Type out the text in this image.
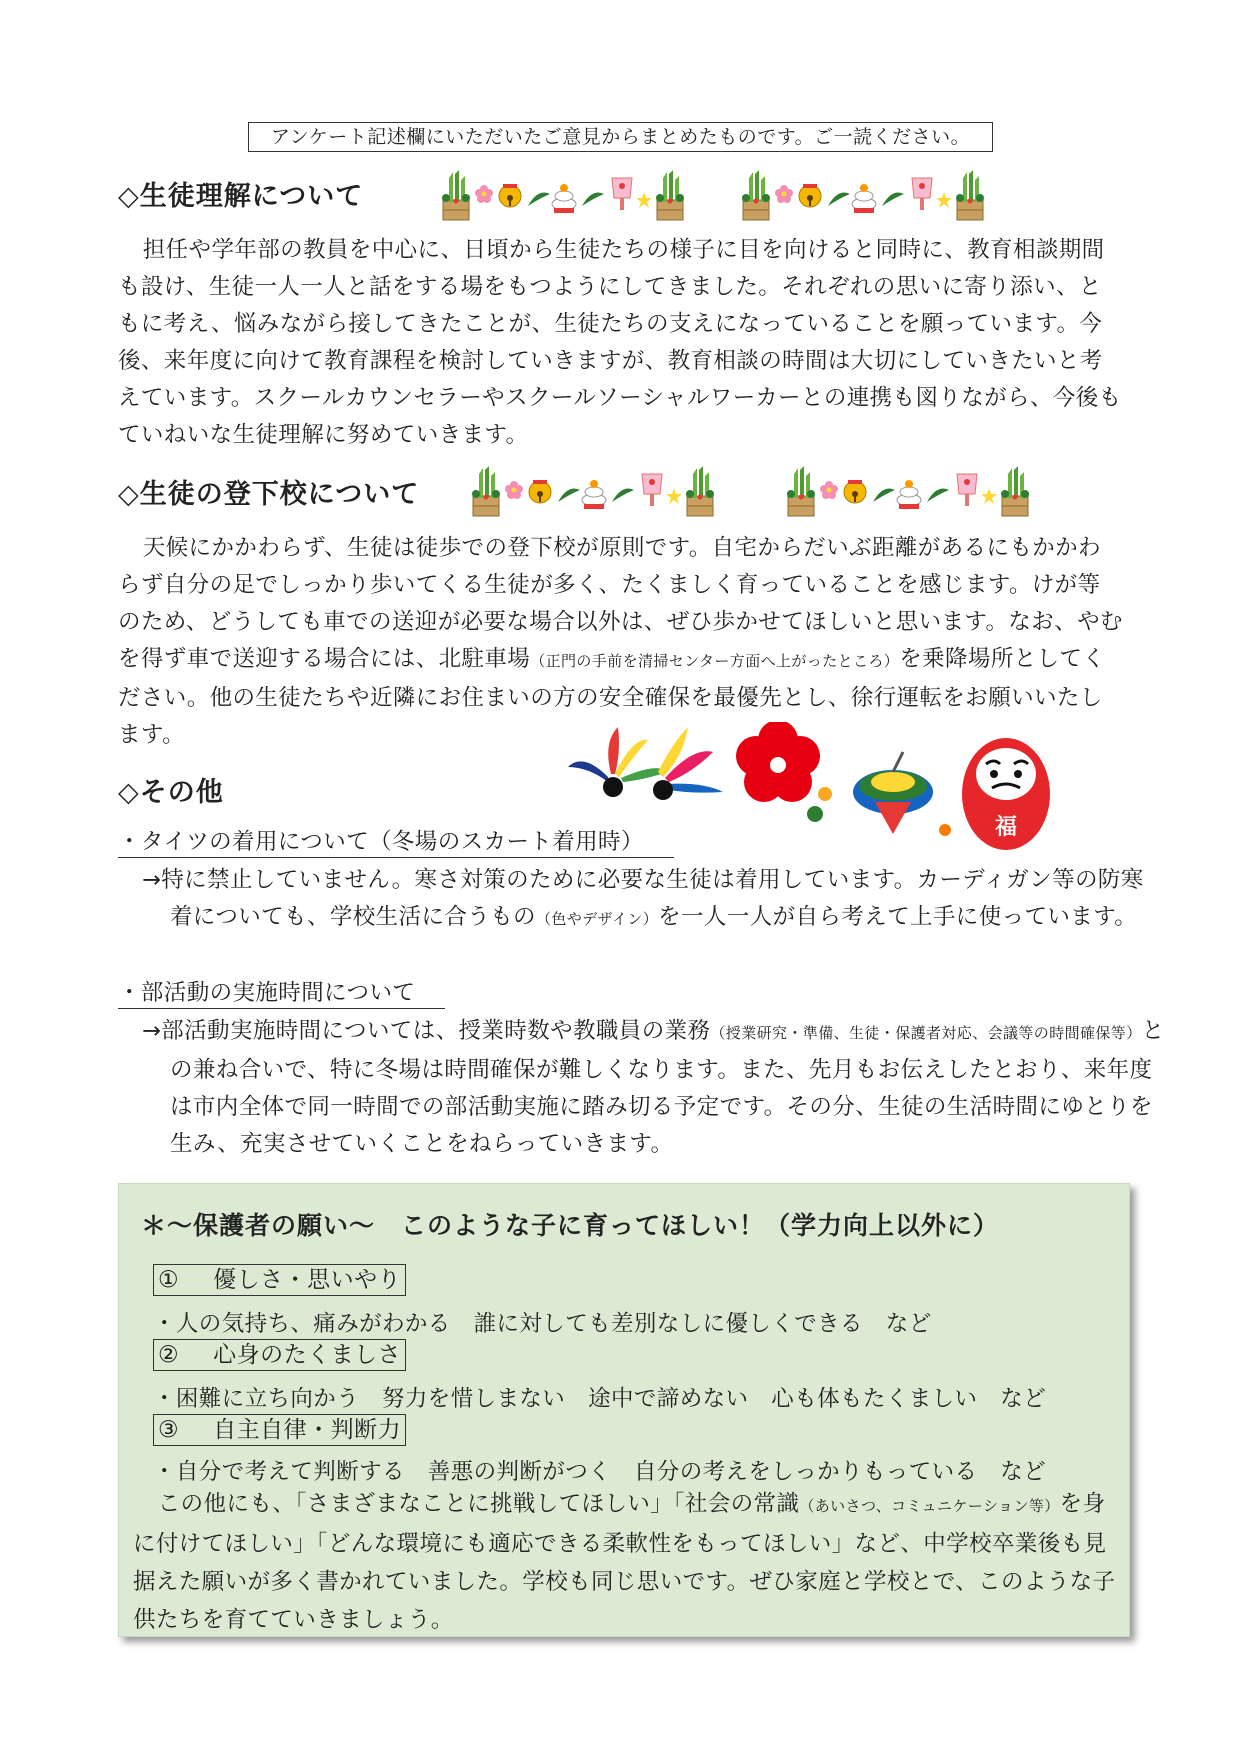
アンケート記述欄にいただいたご意見からまとめたものです。ご一読ください。
◇生徒理解について

担任や学年部の教員を中心に、日頃から生徒たちの様子に目を向けると同時に、教育相談期間も設け、生徒一人一人と話をする場をもつようにしてきました。それぞれの思いに寄り添い、ともに考え、悩みながら接してきたことが、生徒たちの支えになっていることを願っています。今後、来年度に向けて教育課程を検討していきますが、教育相談の時間は大切にしていきたいと考えています。スクールカウンセラーやスクールソーシャルワーカーとの連携も図りながら、今後もていねいな生徒理解に努めていきます。

◇生徒の登下校について

天候にかかわらず、生徒は徒歩での登下校が原則です。自宅からだいぶ距離があるにもかかわらず自分の足でしっかり歩いてくる生徒が多く、たくましく育っていることを感じます。けが等のため、どうしても車での送迎が必要な場合以外は、ぜひ歩かせてほしいと思います。なお、やむを得ず車で送迎する場合には、北駐車場（正門の手前を清掃センター方面へ上がったところ）を乗降場所としてください。他の生徒たちや近隣にお住まいの方の安全確保を最優先とし、徐行運転をお願いいたします。

福
◇その他
・タイツの着用について（冬場のスカート着用時）

→特に禁止していません。寒さ対策のために必要な生徒は着用しています。カーディガン等の防寒着についても、学校生活に合うもの（色やデザイン）を一人一人が自ら考えて上手に使っています。

・部活動の実施時間について

→部活動実施時間については、授業時数や教職員の業務（授業研究・準備、生徒・保護者対応、会議等の時間確保等）との兼ね合いで、特に冬場は時間確保が難しくなります。また、先月もお伝えしたとおり、来年度は市内全体で同一時間での部活動実施に踏み切る予定です。その分、生徒の生活時間にゆとりを生み、充実させていくことをねらっていきます。

＊～保護者の願い～　このような子に育ってほしい！（学力向上以外に）
① 優しさ・思いやり
・人の気持ち、痛みがわかる　誰に対しても差別なしに優しくできる　など
② 心身のたくましさ
・困難に立ち向かう　努力を惜しまない　途中で諦めない　心も体もたくましい　など
③ 自主自律・判断力
・自分で考えて判断する　善悪の判断がつく　自分の考えをしっかりもっている　など

この他にも、「さまざまなことに挑戦してほしい」「社会の常識（あいさつ、コミュニケーション等）を身に付けてほしい」「どんな環境にも適応できる柔軟性をもってほしい」など、中学校卒業後も見据えた願いが多く書かれていました。学校も同じ思いです。ぜひ家庭と学校とで、このような子供たちを育てていきましょう。
